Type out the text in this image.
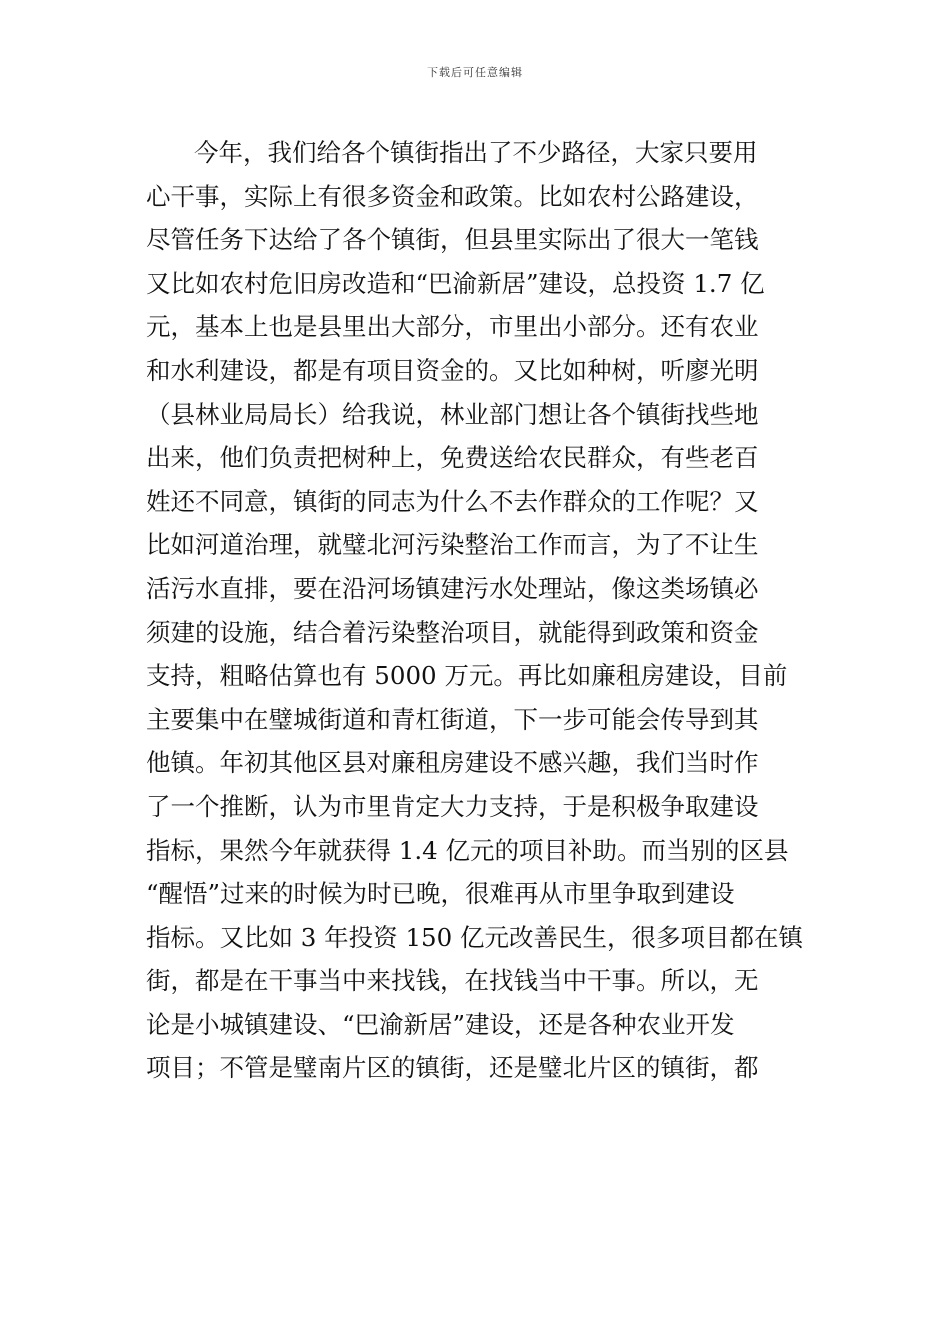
下载后可任意编辑
今年，我们给各个镇街指出了不少路径，大家只要用
心干事，实际上有很多资金和政策。比如农村公路建设，
尽管任务下达给了各个镇街，但县里实际出了很大一笔钱
又比如农村危旧房改造和“巴渝新居”建设，总投资 1.7 亿
元，基本上也是县里出大部分，市里出小部分。还有农业
和水利建设，都是有项目资金的。又比如种树，听廖光明
（县林业局局长）给我说，林业部门想让各个镇街找些地
出来，他们负责把树种上，免费送给农民群众，有些老百
姓还不同意，镇街的同志为什么不去作群众的工作呢？又
比如河道治理，就璧北河污染整治工作而言，为了不让生
活污水直排，要在沿河场镇建污水处理站，像这类场镇必
须建的设施，结合着污染整治项目，就能得到政策和资金
支持，粗略估算也有 5000 万元。再比如廉租房建设，目前
主要集中在璧城街道和青杠街道，下一步可能会传导到其
他镇。年初其他区县对廉租房建设不感兴趣，我们当时作
了一个推断，认为市里肯定大力支持，于是积极争取建设
指标，果然今年就获得 1.4 亿元的项目补助。而当别的区县
“醒悟”过来的时候为时已晚，很难再从市里争取到建设
指标。又比如 3 年投资 150 亿元改善民生，很多项目都在镇
街，都是在干事当中来找钱，在找钱当中干事。所以，无
论是小城镇建设、“巴渝新居”建设，还是各种农业开发
项目；不管是璧南片区的镇街，还是璧北片区的镇街，都
